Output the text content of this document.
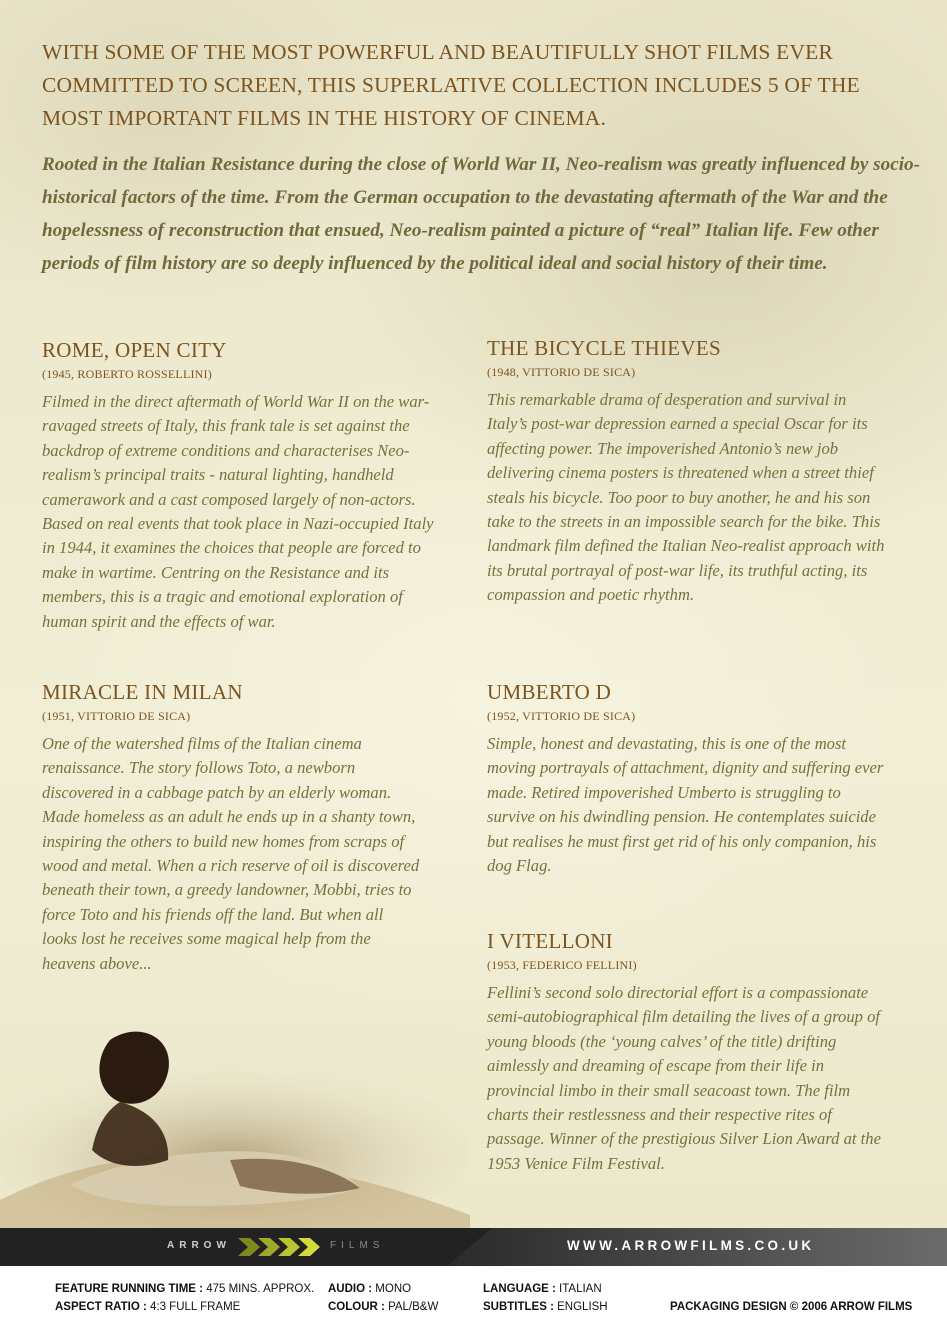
WITH SOME OF THE MOST POWERFUL AND BEAUTIFULLY SHOT FILMS EVER COMMITTED TO SCREEN, THIS SUPERLATIVE COLLECTION INCLUDES 5 OF THE MOST IMPORTANT FILMS IN THE HISTORY OF CINEMA.
Rooted in the Italian Resistance during the close of World War II, Neo-realism was greatly influenced by socio-historical factors of the time. From the German occupation to the devastating aftermath of the War and the hopelessness of reconstruction that ensued, Neo-realism painted a picture of “real” Italian life. Few other periods of film history are so deeply influenced by the political ideal and social history of their time.
ROME, OPEN CITY
(1945, ROBERTO ROSSELLINI)
Filmed in the direct aftermath of World War II on the war-ravaged streets of Italy, this frank tale is set against the backdrop of extreme conditions and characterises Neo-realism’s principal traits - natural lighting, handheld camerawork and a cast composed largely of non-actors. Based on real events that took place in Nazi-occupied Italy in 1944, it examines the choices that people are forced to make in wartime. Centring on the Resistance and its members, this is a tragic and emotional exploration of human spirit and the effects of war.
THE BICYCLE THIEVES
(1948, VITTORIO DE SICA)
This remarkable drama of desperation and survival in Italy’s post-war depression earned a special Oscar for its affecting power. The impoverished Antonio’s new job delivering cinema posters is threatened when a street thief steals his bicycle. Too poor to buy another, he and his son take to the streets in an impossible search for the bike. This landmark film defined the Italian Neo-realist approach with its brutal portrayal of post-war life, its truthful acting, its compassion and poetic rhythm.
MIRACLE IN MILAN
(1951, VITTORIO DE SICA)
One of the watershed films of the Italian cinema renaissance. The story follows Toto, a newborn discovered in a cabbage patch by an elderly woman. Made homeless as an adult he ends up in a shanty town, inspiring the others to build new homes from scraps of wood and metal. When a rich reserve of oil is discovered beneath their town, a greedy landowner, Mobbi, tries to force Toto and his friends off the land. But when all looks lost he receives some magical help from the heavens above...
UMBERTO D
(1952, VITTORIO DE SICA)
Simple, honest and devastating, this is one of the most moving portrayals of attachment, dignity and suffering ever made. Retired impoverished Umberto is struggling to survive on his dwindling pension. He contemplates suicide but realises he must first get rid of his only companion, his dog Flag.
I VITELLONI
(1953, FEDERICO FELLINI)
Fellini’s second solo directorial effort is a compassionate semi-autobiographical film detailing the lives of a group of young bloods (the ‘young calves’ of the title) drifting aimlessly and dreaming of escape from their life in provincial limbo in their small seacoast town. The film charts their restlessness and their respective rites of passage. Winner of the prestigious Silver Lion Award at the 1953 Venice Film Festival.
ARROW	FILMS	WWW.ARROWFILMS.CO.UK
FEATURE RUNNING TIME : 475 MINS. APPROX.
ASPECT RATIO : 4:3 FULL FRAME
AUDIO : MONO
COLOUR : PAL/B&W
LANGUAGE : ITALIAN
SUBTITLES : ENGLISH	PACKAGING DESIGN © 2006 ARROW FILMS
